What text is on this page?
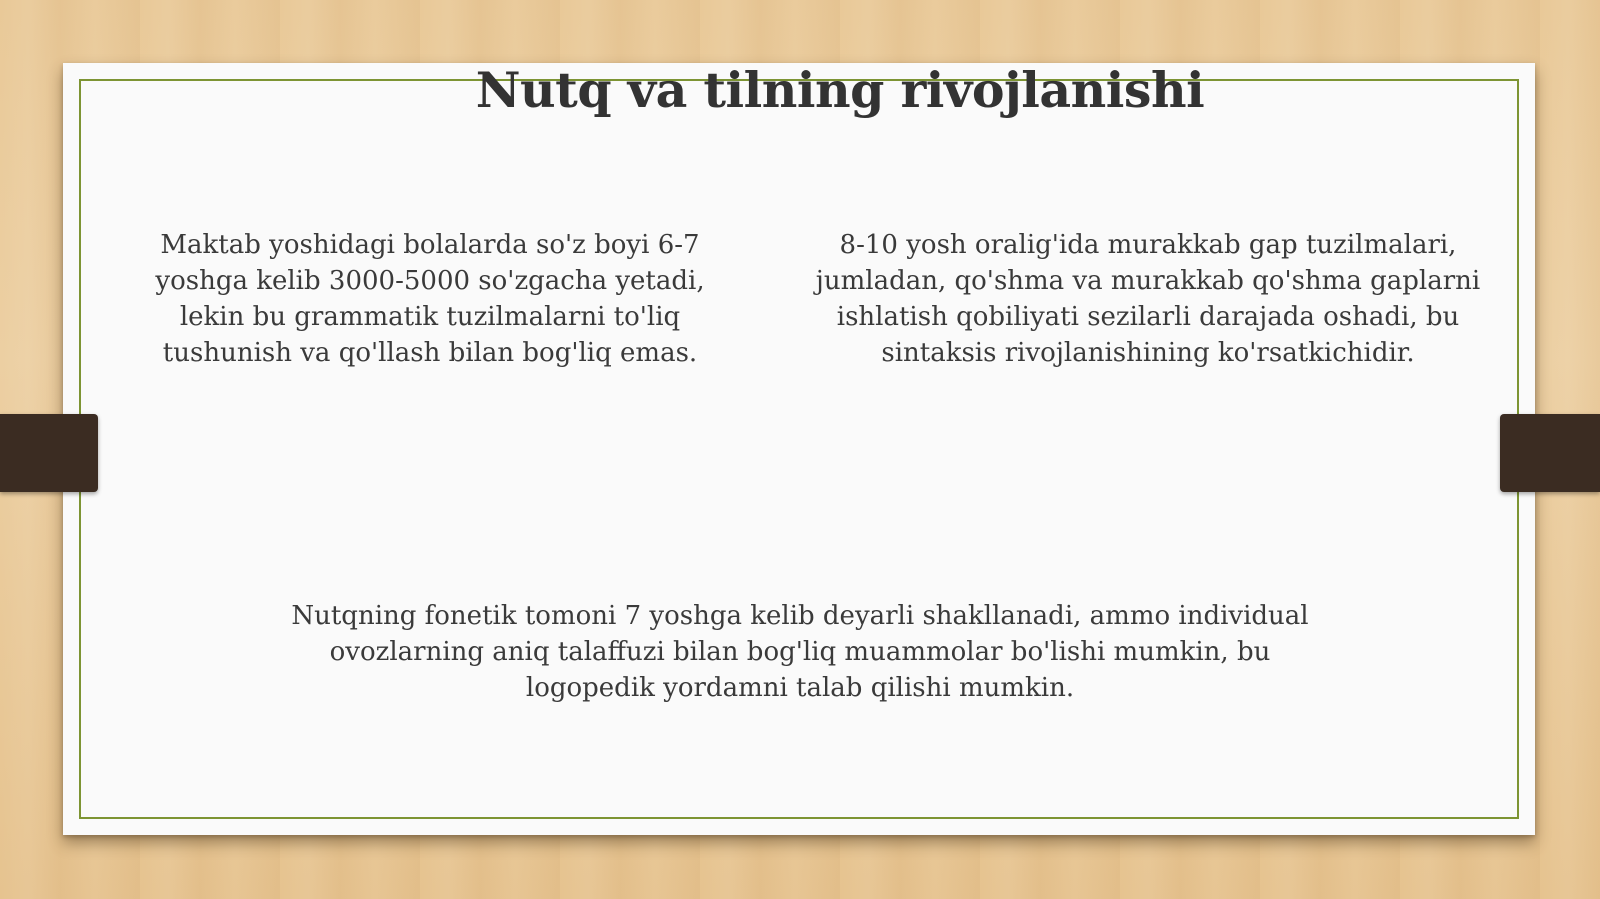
Nutq va tilning rivojlanishi

Maktab yoshidagi bolalarda so'z boyi 6-7 yoshga kelib 3000-5000 so'zgacha yetadi, lekin bu grammatik tuzilmalarni to'liq tushunish va qo'llash bilan bog'liq emas.

8-10 yosh oralig'ida murakkab gap tuzilmalari, jumladan, qo'shma va murakkab qo'shma gaplarni ishlatish qobiliyati sezilarli darajada oshadi, bu sintaksis rivojlanishining ko'rsatkichidir.

Nutqning fonetik tomoni 7 yoshga kelib deyarli shakllanadi, ammo individual ovozlarning aniq talaffuzi bilan bog'liq muammolar bo'lishi mumkin, bu logopedik yordamni talab qilishi mumkin.
